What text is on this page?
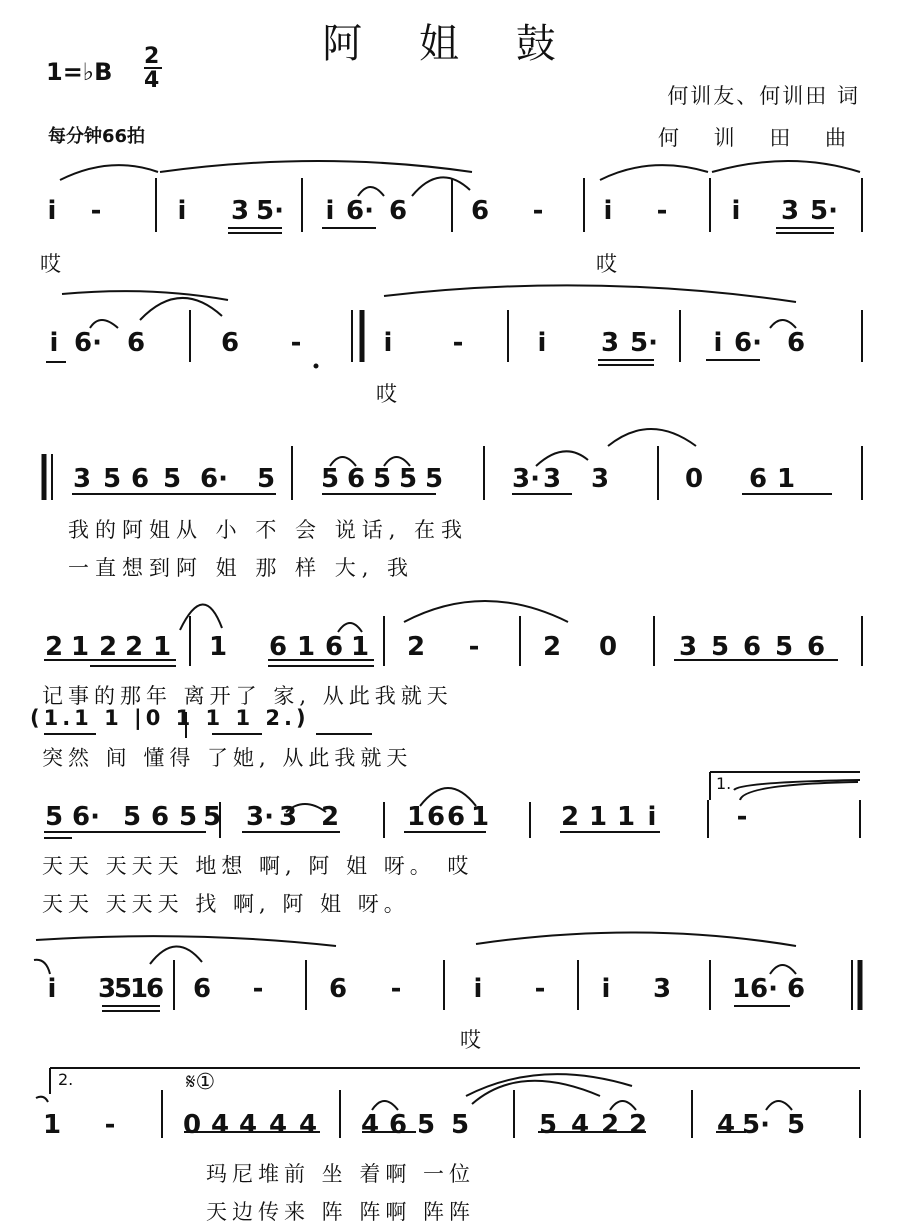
阿 姐 鼓
1=♭B
2
4
每分钟66拍
何训友、何训田 词
何 训 田 曲
i -	i 3 5· i 6· 6 6 - i - i 3 5·
哎	哎
i 6· 6	6 -	i -	i 3 5· i 6· 6
哎
3 5 6 5 6· 5 5 6 5 5 5	3· 3 3	0 6 1
我的阿姐从 小 不 会 说话, 在我
一直想到阿 姐 那 样 大, 我
2 1 2 2 1 1 6 1 6 1 2 - 2 0 3 5 6 5 6
记事的那年 离开了 家, 从此我就天
(1.1 1 |0 1 1 1 2.)
突然 间 懂得 了她, 从此我就天
5 6· 5 6 5 5 3· 3 2	1 6 6 1	2 1 1 i	-
1.
天天 天天天 地想 啊, 阿 姐 呀。 哎
天天 天天天 找 啊, 阿 姐 呀。
i 3
5
1
6 6 -	6 -	i - i 3 1 6· 6
哎
2.	𝄋①
1 -	0 4 4 4 4 4 6 5 5	5 4 2 2	4 5· 5
玛尼堆前 坐 着啊 一位
天边传来 阵 阵啊 阵阵
